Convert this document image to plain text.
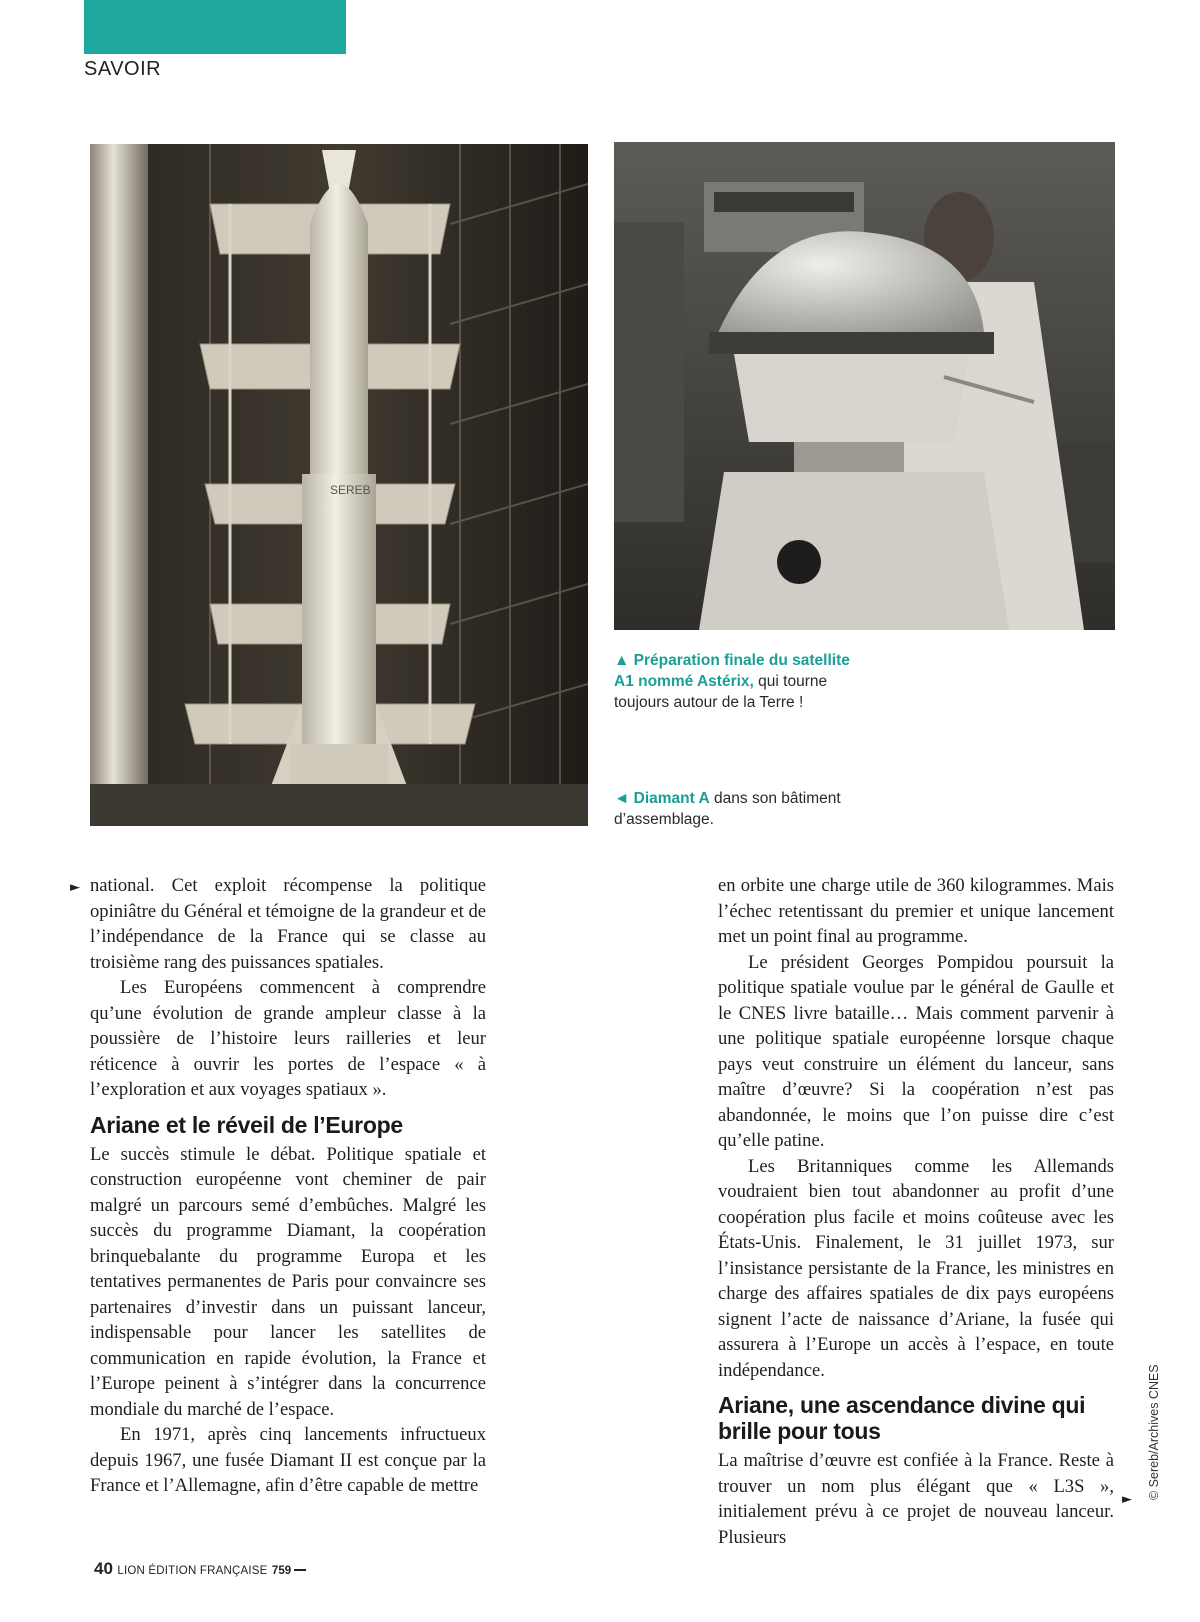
SAVOIR
SEREB
▲ Préparation finale du satellite A1 nommé Astérix, qui tourne toujours autour de la Terre !
◄ Diamant A dans son bâtiment d’assemblage.
► national. Cet exploit récompense la politique opiniâtre du Général et témoigne de la grandeur et de l’indépendance de la France qui se classe au troisième rang des puissances spatiales.

Les Européens commencent à comprendre qu’une évolution de grande ampleur classe à la poussière de l’histoire leurs railleries et leur réticence à ouvrir les portes de l’espace « à l’exploration et aux voyages spatiaux ».

Ariane et le réveil de l’Europe

Le succès stimule le débat. Politique spatiale et construction européenne vont cheminer de pair malgré un parcours semé d’embûches. Malgré les succès du programme Diamant, la coopération brinquebalante du programme Europa et les tentatives permanentes de Paris pour convaincre ses partenaires d’investir dans un puissant lanceur, indispensable pour lancer les satellites de communication en rapide évolution, la France et l’Europe peinent à s’intégrer dans la concurrence mondiale du marché de l’espace.

En 1971, après cinq lancements infructueux depuis 1967, une fusée Diamant II est conçue par la France et l’Allemagne, afin d’être capable de mettre

en orbite une charge utile de 360 kilogrammes. Mais l’échec retentissant du premier et unique lancement met un point final au programme.

Le président Georges Pompidou poursuit la politique spatiale voulue par le général de Gaulle et le CNES livre bataille… Mais comment parvenir à une politique spatiale européenne lorsque chaque pays veut construire un élément du lanceur, sans maître d’œuvre? Si la coopération n’est pas abandonnée, le moins que l’on puisse dire c’est qu’elle patine.

Les Britanniques comme les Allemands voudraient bien tout abandonner au profit d’une coopération plus facile et moins coûteuse avec les États-Unis. Finalement, le 31 juillet 1973, sur l’insistance persistante de la France, les ministres en charge des affaires spatiales de dix pays européens signent l’acte de naissance d’Ariane, la fusée qui assurera à l’Europe un accès à l’espace, en toute indépendance.

Ariane, une ascendance divine qui brille pour tous

La maîtrise d’œuvre est confiée à la France. Reste à trouver un nom plus élégant que « L3S », initialement prévu à ce projet de nouveau lanceur. Plusieurs

► © Sereb/Archives CNES
40 LION ÉDITION FRANÇAISE 759
